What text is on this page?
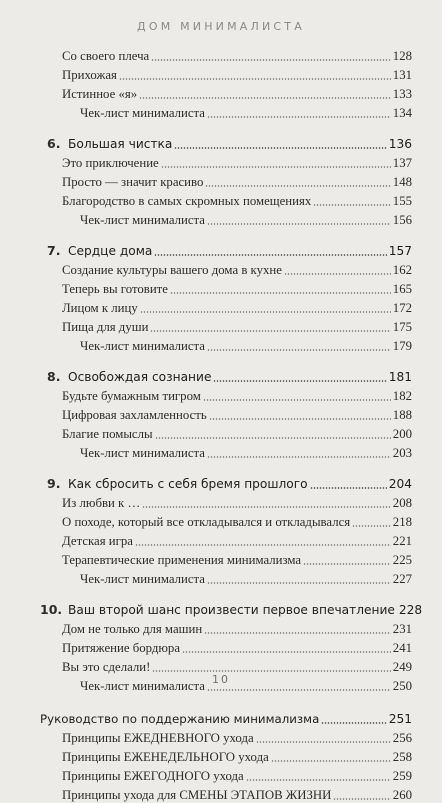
ДОМ МИНИМАЛИСТА
Со своего плеча	128
Прихожая	131
Истинное «я»	133
Чек-лист минималиста	134
6. Большая чистка	136
Это приключение	137
Просто — значит красиво	148
Благородство в самых скромных помещениях	155
Чек-лист минималиста	156
7. Сердце дома	157
Создание культуры вашего дома в кухне	162
Теперь вы готовите	165
Лицом к лицу	172
Пища для души	175
Чек-лист минималиста	179
8. Освобождая сознание	181
Будьте бумажным тигром	182
Цифровая захламленность	188
Благие помыслы	200
Чек-лист минималиста	203
9. Как сбросить с себя бремя прошлого	204
Из любви к …	208
О походе, который все откладывался и откладывался	218
Детская игра	221
Терапевтические применения минимализма	225
Чек-лист минималиста	227
10. Ваш второй шанс произвести первое впечатление 228
Дом не только для машин	231
Притяжение бордюра	241
Вы это сделали!	249
Чек-лист минималиста	250
Руководство по поддержанию минимализма	251
Принципы ЕЖЕДНЕВНОГО ухода	256
Принципы ЕЖЕНЕДЕЛЬНОГО ухода	258
Принципы ЕЖЕГОДНОГО ухода	259
Принципы ухода для СМЕНЫ ЭТАПОВ ЖИЗНИ	260
10
